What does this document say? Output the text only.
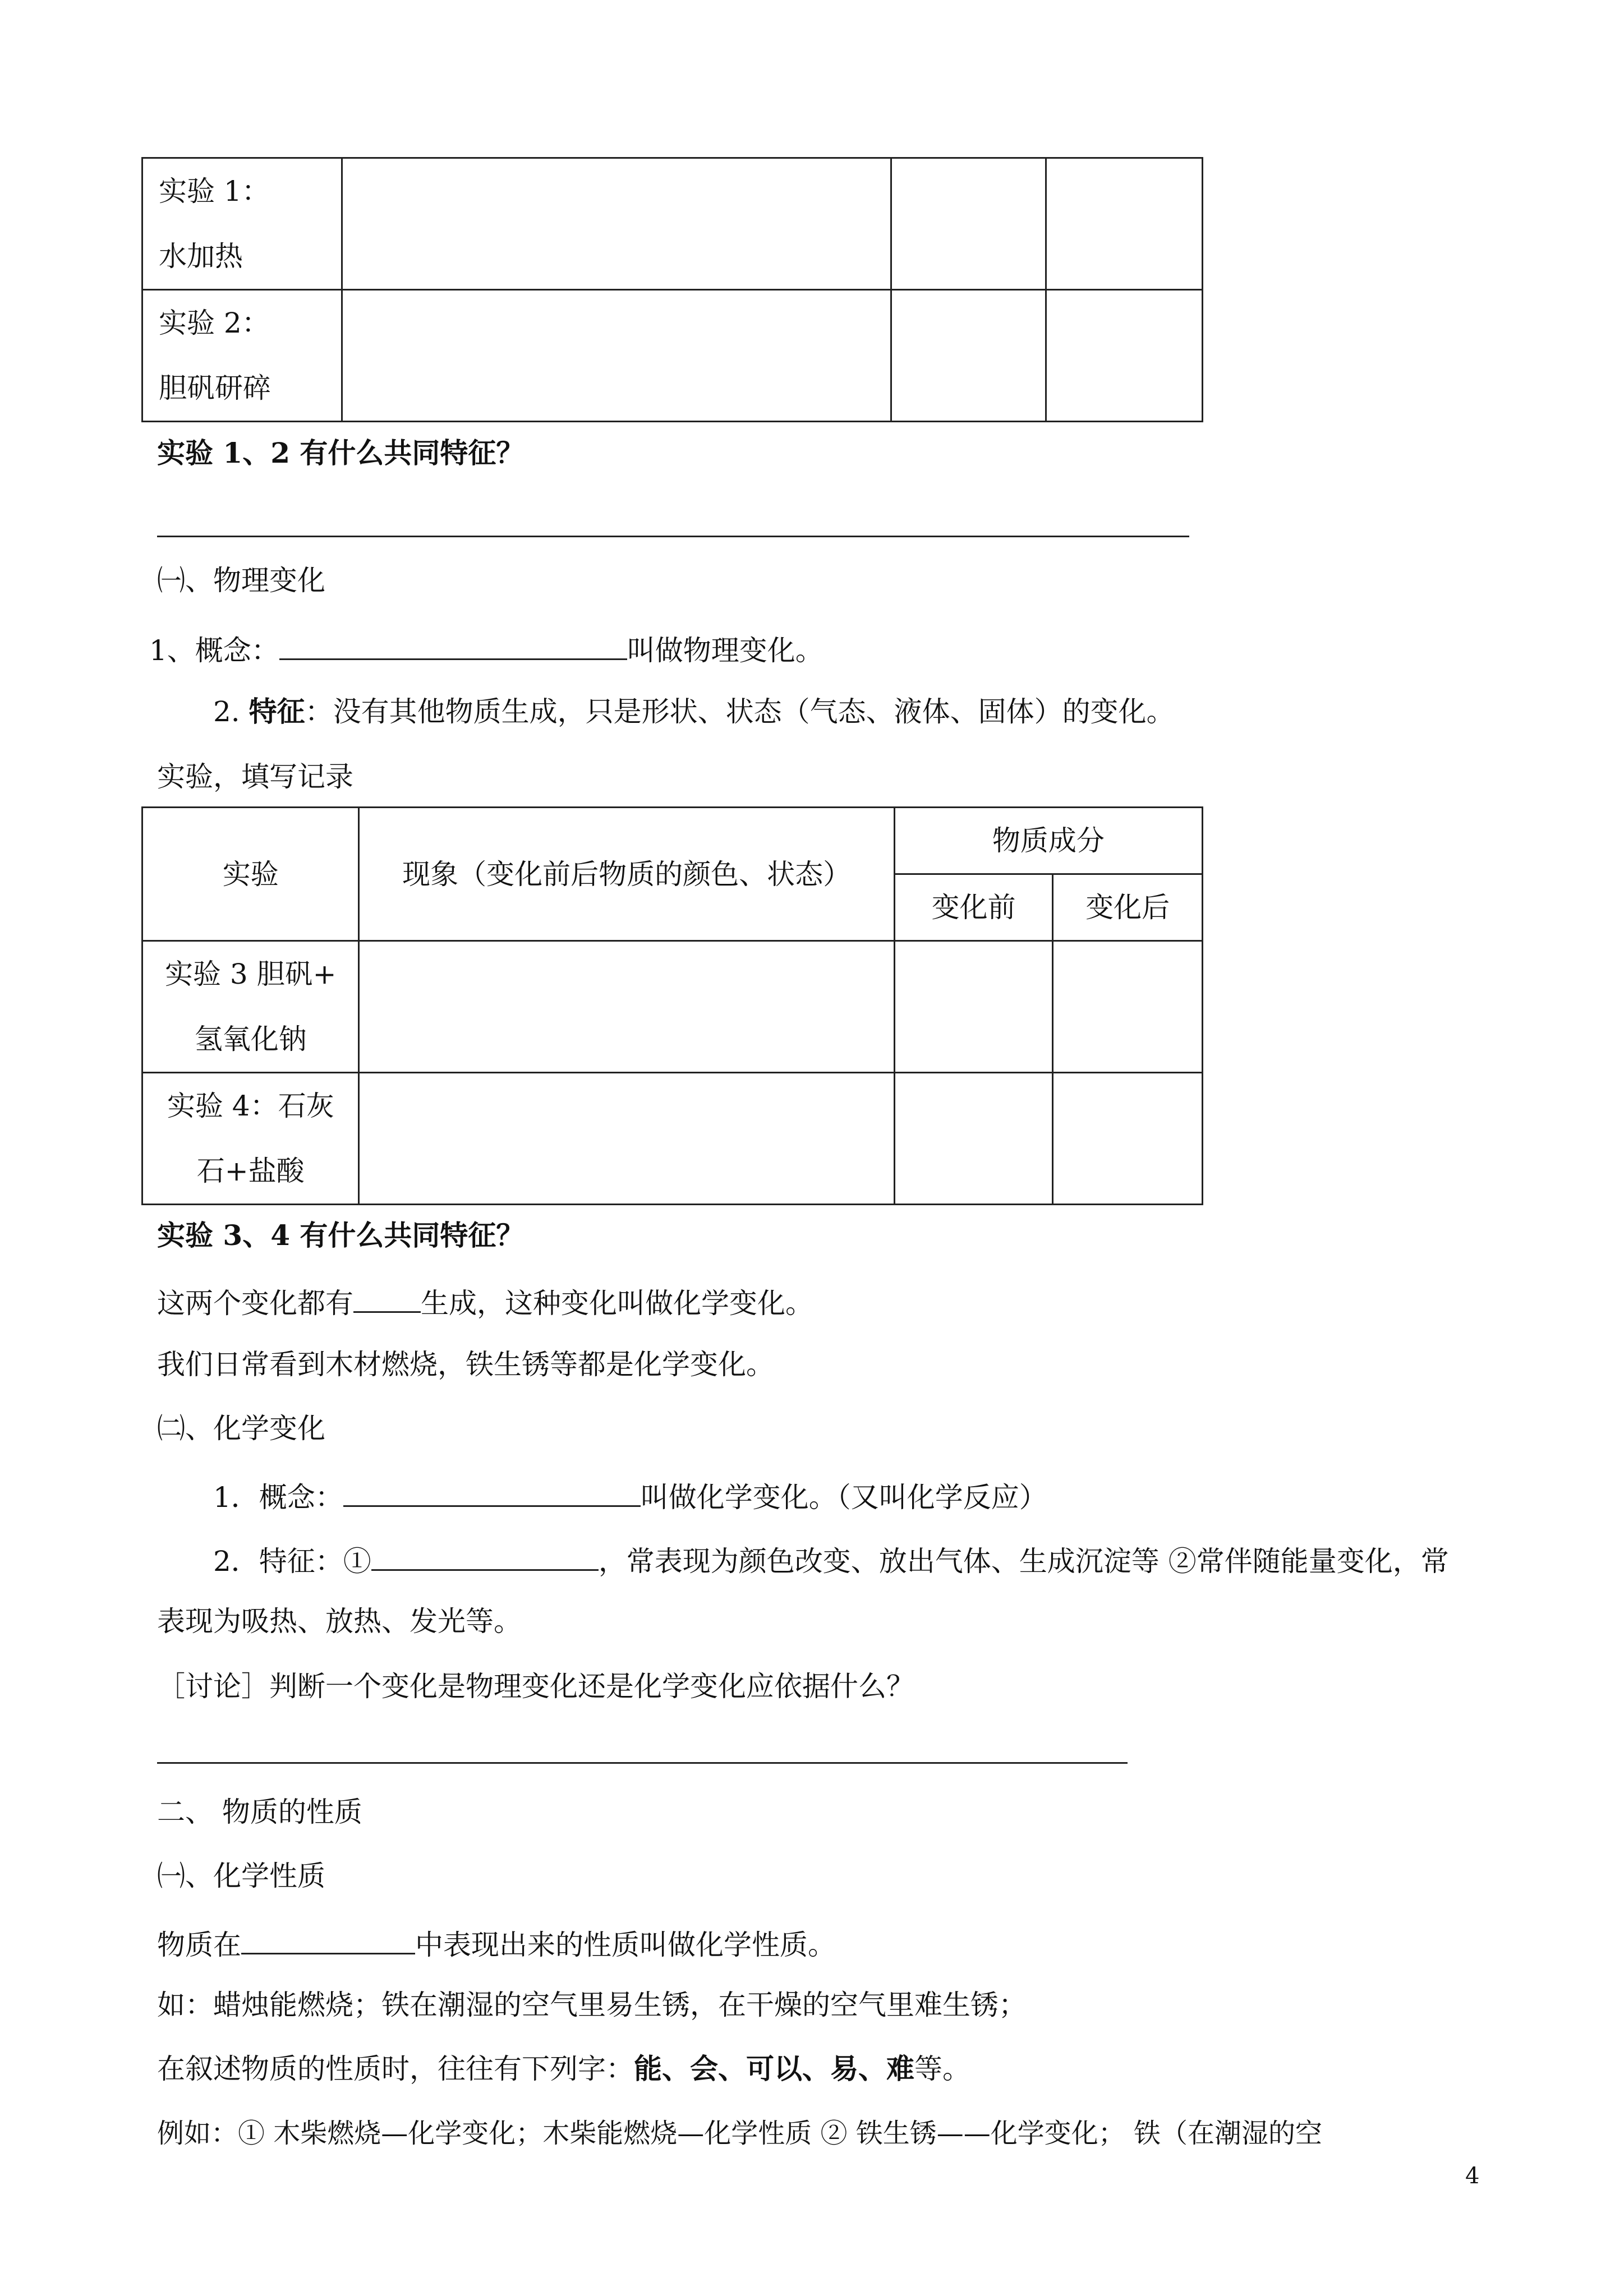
实验 1：
水加热			

实验 2：
胆矾研碎			

实验 1、2 有什么共同特征？
㈠、物理变化
1、概念：	叫做物理变化。
2. 特征：没有其他物质生成，只是形状、状态（气态、液体、固体）的变化。
实验，填写记录
实验	现象（变化前后物质的颜色、状态）	物质成分	
		变化前	变化后

实验 3 胆矾+
氢氧化钠			

实验 4：石灰
石+盐酸			

实验 3、4 有什么共同特征？
这两个变化都有 生成，这种变化叫做化学变化。
我们日常看到木材燃烧，铁生锈等都是化学变化。
㈡、化学变化
1．概念：	叫做化学变化。（又叫化学反应）
2．特征：①	，常表现为颜色改变、放出气体、生成沉淀等 ②常伴随能量变化，常
表现为吸热、放热、发光等。
［讨论］判断一个变化是物理变化还是化学变化应依据什么？
二、 物质的性质
㈠、化学性质
物质在	中表现出来的性质叫做化学性质。
如：蜡烛能燃烧；铁在潮湿的空气里易生锈，在干燥的空气里难生锈；
在叙述物质的性质时，往往有下列字：能、会、可以、易、难等。
例如：① 木柴燃烧—化学变化；木柴能燃烧—化学性质 ② 铁生锈——化学变化； 铁（在潮湿的空
4
